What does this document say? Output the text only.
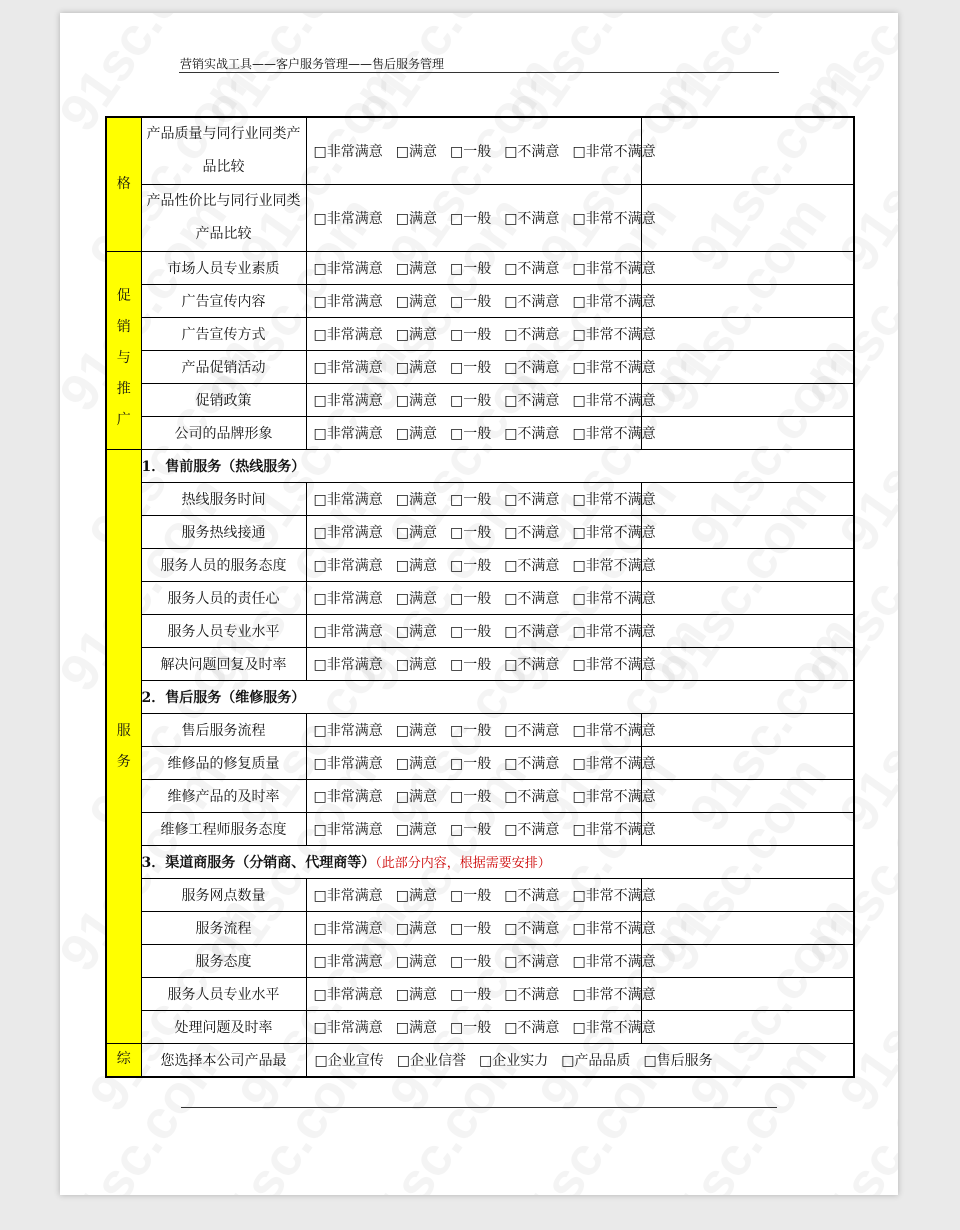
营销实战工具——客户服务管理——售后服务管理
格	产品质量与同行业同类产品比较	□非常满意 □满意 □一般 □不满意 □非常不满意	
	产品性价比与同行业同类产品比较	□非常满意 □满意 □一般 □不满意 □非常不满意	

促
销
与
推
广	市场人员专业素质	□非常满意 □满意 □一般 □不满意 □非常不满意	
	广告宣传内容	□非常满意 □满意 □一般 □不满意 □非常不满意	
	广告宣传方式	□非常满意 □满意 □一般 □不满意 □非常不满意	
	产品促销活动	□非常满意 □满意 □一般 □不满意 □非常不满意	
	促销政策	□非常满意 □满意 □一般 □不满意 □非常不满意	
	公司的品牌形象	□非常满意 □满意 □一般 □不满意 □非常不满意	

服
务	1．售前服务（热线服务）		
	热线服务时间	□非常满意 □满意 □一般 □不满意 □非常不满意	
	服务热线接通	□非常满意 □满意 □一般 □不满意 □非常不满意	
	服务人员的服务态度	□非常满意 □满意 □一般 □不满意 □非常不满意	
	服务人员的责任心	□非常满意 □满意 □一般 □不满意 □非常不满意	
	服务人员专业水平	□非常满意 □满意 □一般 □不满意 □非常不满意	
	解决问题回复及时率	□非常满意 □满意 □一般 □不满意 □非常不满意	
	2．售后服务（维修服务）		
	售后服务流程	□非常满意 □满意 □一般 □不满意 □非常不满意	
	维修品的修复质量	□非常满意 □满意 □一般 □不满意 □非常不满意	
	维修产品的及时率	□非常满意 □满意 □一般 □不满意 □非常不满意	
	维修工程师服务态度	□非常满意 □满意 □一般 □不满意 □非常不满意	
	3．渠道商服务（分销商、代理商等）（此部分内容，根据需要安排）		
	服务网点数量	□非常满意 □满意 □一般 □不满意 □非常不满意	
	服务流程	□非常满意 □满意 □一般 □不满意 □非常不满意	
	服务态度	□非常满意 □满意 □一般 □不满意 □非常不满意	
	服务人员专业水平	□非常满意 □满意 □一般 □不满意 □非常不满意	
	处理问题及时率	□非常满意 □满意 □一般 □不满意 □非常不满意	
综	您选择本公司产品最	□企业宣传 □企业信誉 □企业实力 □产品品质 □售后服务	
